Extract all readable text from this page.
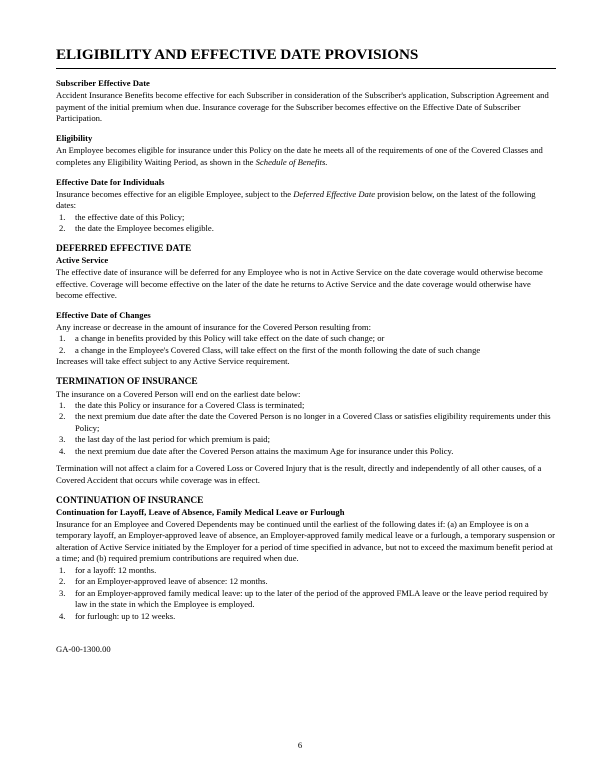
ELIGIBILITY AND EFFECTIVE DATE PROVISIONS
Subscriber Effective Date

Accident Insurance Benefits become effective for each Subscriber in consideration of the Subscriber's application, Subscription Agreement and payment of the initial premium when due. Insurance coverage for the Subscriber becomes effective on the Effective Date of Subscriber Participation.

Eligibility

An Employee becomes eligible for insurance under this Policy on the date he meets all of the requirements of one of the Covered Classes and completes any Eligibility Waiting Period, as shown in the Schedule of Benefits.

Effective Date for Individuals

Insurance becomes effective for an eligible Employee, subject to the Deferred Effective Date provision below, on the latest of the following dates:

1.	the effective date of this Policy;
2.	the date the Employee becomes eligible.
DEFERRED EFFECTIVE DATE
Active Service

The effective date of insurance will be deferred for any Employee who is not in Active Service on the date coverage would otherwise become effective. Coverage will become effective on the later of the date he returns to Active Service and the date coverage would otherwise have become effective.

Effective Date of Changes

Any increase or decrease in the amount of insurance for the Covered Person resulting from:

1.	a change in benefits provided by this Policy will take effect on the date of such change; or
2.	a change in the Employee's Covered Class, will take effect on the first of the month following the date of such change

Increases will take effect subject to any Active Service requirement.

TERMINATION OF INSURANCE

The insurance on a Covered Person will end on the earliest date below:

1.	the date this Policy or insurance for a Covered Class is terminated;
2.	the next premium due date after the date the Covered Person is no longer in a Covered Class or satisfies eligibility requirements under this Policy;
3.	the last day of the last period for which premium is paid;
4.	the next premium due date after the Covered Person attains the maximum Age for insurance under this Policy.

Termination will not affect a claim for a Covered Loss or Covered Injury that is the result, directly and independently of all other causes, of a Covered Accident that occurs while coverage was in effect.

CONTINUATION OF INSURANCE
Continuation for Layoff, Leave of Absence, Family Medical Leave or Furlough

Insurance for an Employee and Covered Dependents may be continued until the earliest of the following dates if: (a) an Employee is on a temporary layoff, an Employer-approved leave of absence, an Employer-approved family medical leave or a furlough, a temporary suspension or alteration of Active Service initiated by the Employer for a period of time specified in advance, but not to exceed the maximum benefit period at a time; and (b) required premium contributions are required when due.

1.	for a layoff: 12 months.
2.	for an Employer-approved leave of absence: 12 months.
3.	for an Employer-approved family medical leave: up to the later of the period of the approved FMLA leave or the leave period required by law in the state in which the Employee is employed.
4.	for furlough: up to 12 weeks.
GA-00-1300.00
6
